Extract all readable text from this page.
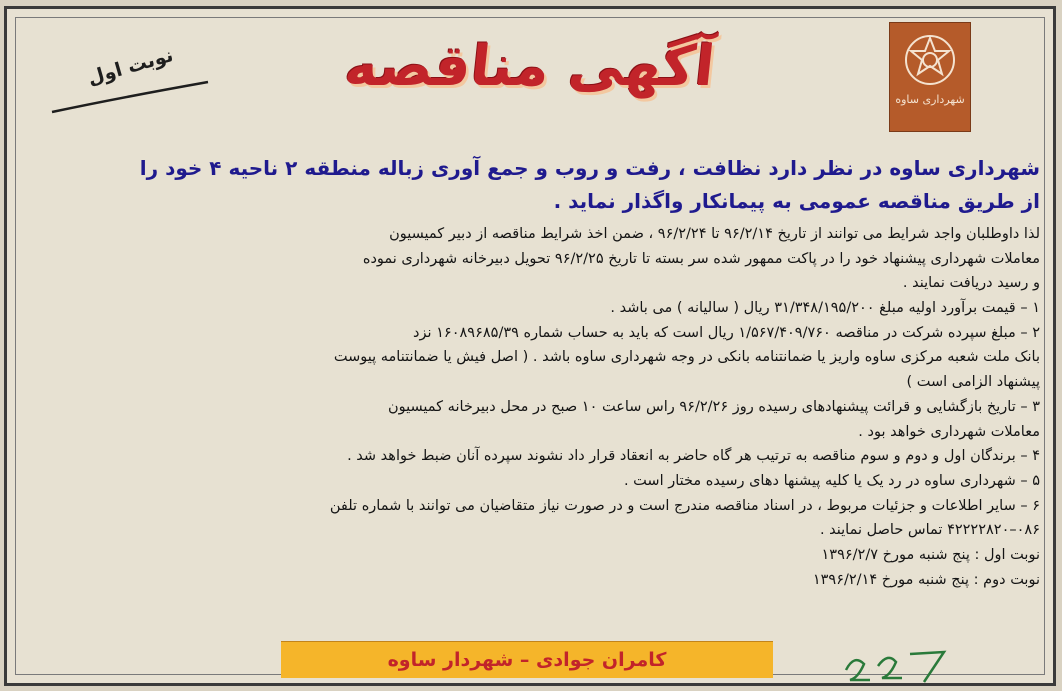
شهرداری ساوه
آگهی مناقصه
نوبت اول
شهرداری ساوه در نظر دارد نظافت ، رفت و روب و جمع آوری زباله منطقه ۲ ناحیه ۴ خود را
از طریق مناقصه عمومی به پیمانکار واگذار نماید .
لذا داوطلبان واجد شرایط می توانند از تاریخ ۹۶/۲/۱۴ تا ۹۶/۲/۲۴ ، ضمن اخذ شرایط مناقصه از دبیر کمیسیون
معاملات شهرداری پیشنهاد خود را در پاکت ممهور شده سر بسته تا تاریخ ۹۶/۲/۲۵ تحویل دبیرخانه شهرداری نموده
و رسید دریافت نمایند .
۱ – قیمت برآورد اولیه مبلغ ۳۱/۳۴۸/۱۹۵/۲۰۰ ریال ( سالیانه ) می باشد .
۲ – مبلغ سپرده شرکت در مناقصه ۱/۵۶۷/۴۰۹/۷۶۰ ریال است که باید به حساب شماره ۱۶۰۸۹۶۸۵/۳۹ نزد
بانک ملت شعبه مرکزی ساوه واریز یا ضمانتنامه بانکی در وجه شهرداری ساوه باشد . ( اصل فیش یا ضمانتنامه پیوست
پیشنهاد الزامی است )
۳ – تاریخ بازگشایی و قرائت پیشنهادهای رسیده روز ۹۶/۲/۲۶ راس ساعت ۱۰ صبح در محل دبیرخانه کمیسیون
معاملات شهرداری خواهد بود .
۴ – برندگان اول و دوم و سوم مناقصه به ترتیب هر گاه حاضر به انعقاد قرار داد نشوند سپرده آنان ضبط خواهد شد .
۵ – شهرداری ساوه در رد یک یا کلیه پیشنها دهای رسیده مختار است .
۶ – سایر اطلاعات و جزئیات مربوط ، در اسناد مناقصه مندرج است و در صورت نیاز متقاضیان می توانند با شماره تلفن
۰۸۶–۴۲۲۲۲۸۲۰ تماس حاصل نمایند .
نوبت اول : پنج شنبه مورخ ۱۳۹۶/۲/۷
نوبت دوم : پنج شنبه مورخ ۱۳۹۶/۲/۱۴
کامران جوادی – شهردار ساوه
